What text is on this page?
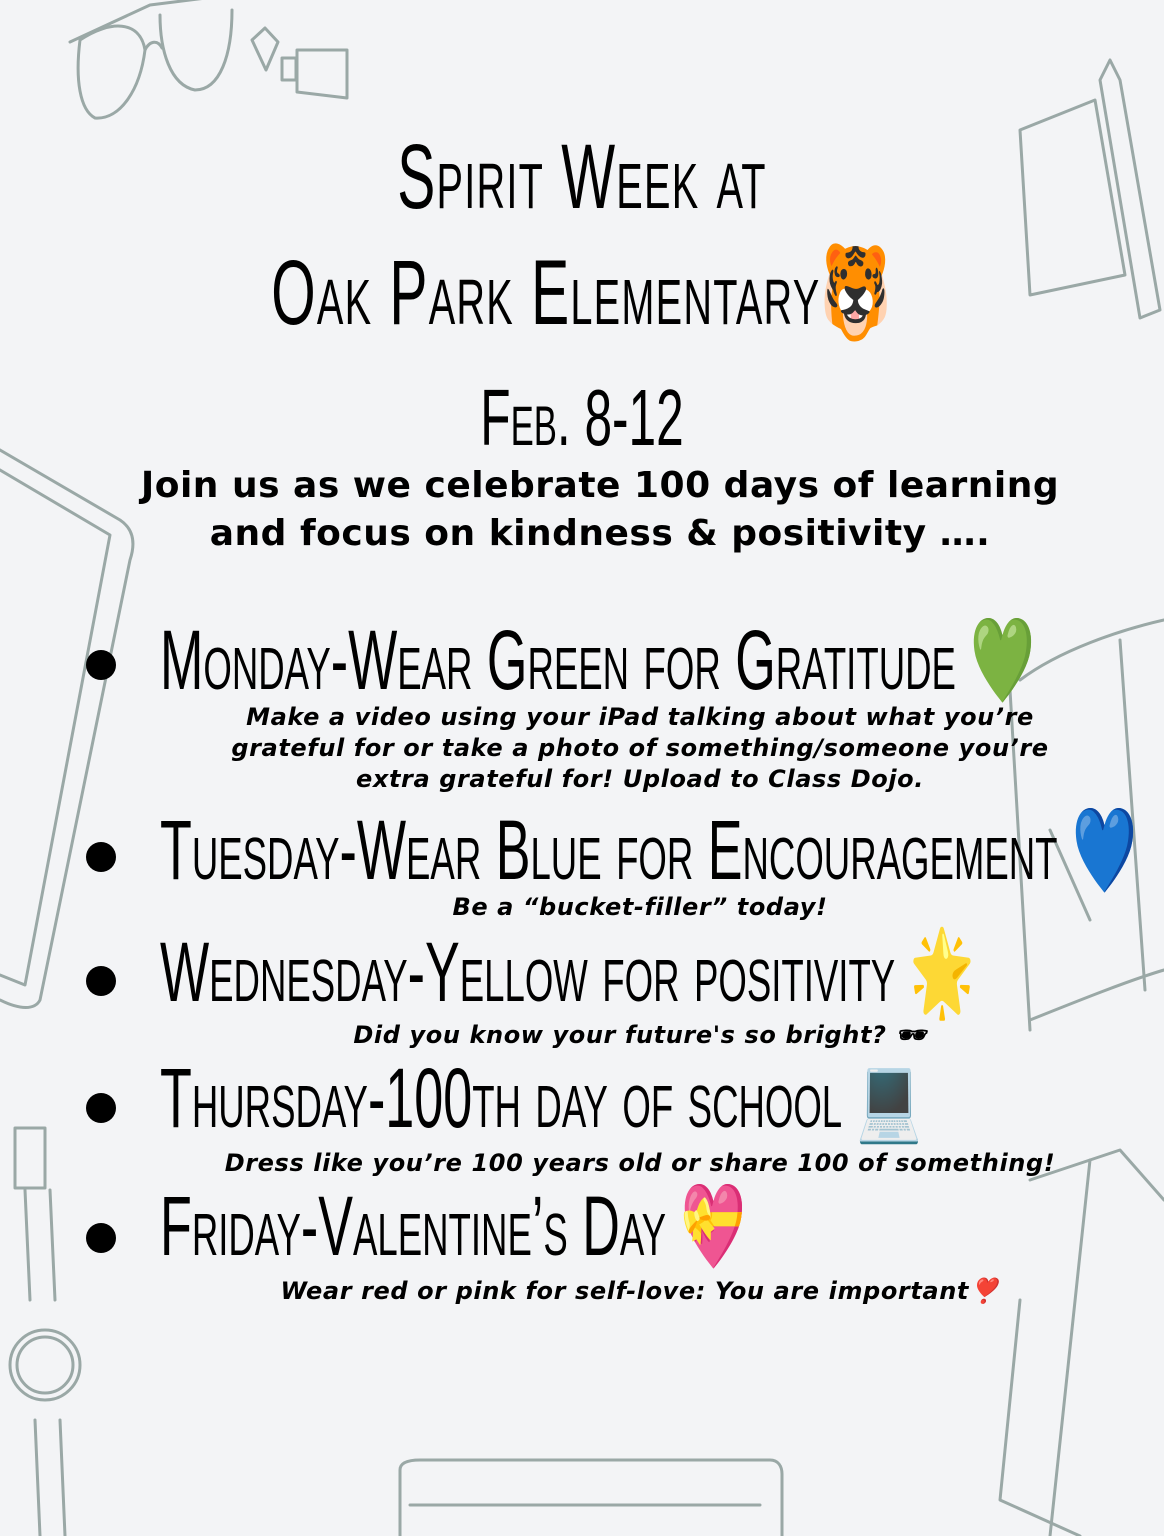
Spirit Week at
Oak Park Elementary🐯
Feb. 8-12
Join us as we celebrate 100 days of learning and focus on kindness & positivity ….
Monday-Wear Green for Gratitude 💚
Make a video using your iPad talking about what you’re grateful for or take a photo of something/someone you’re extra grateful for! Upload to Class Dojo.
Tuesday-Wear Blue for Encouragement 💙
Be a “bucket-filler” today!
Wednesday-Yellow for positivity 🌟
Did you know your future's so bright? 🕶
Thursday-100th day of school 💻
Dress like you’re 100 years old or share 100 of something!
Friday-Valentine’s Day 💝
Wear red or pink for self-love: You are important❣️
